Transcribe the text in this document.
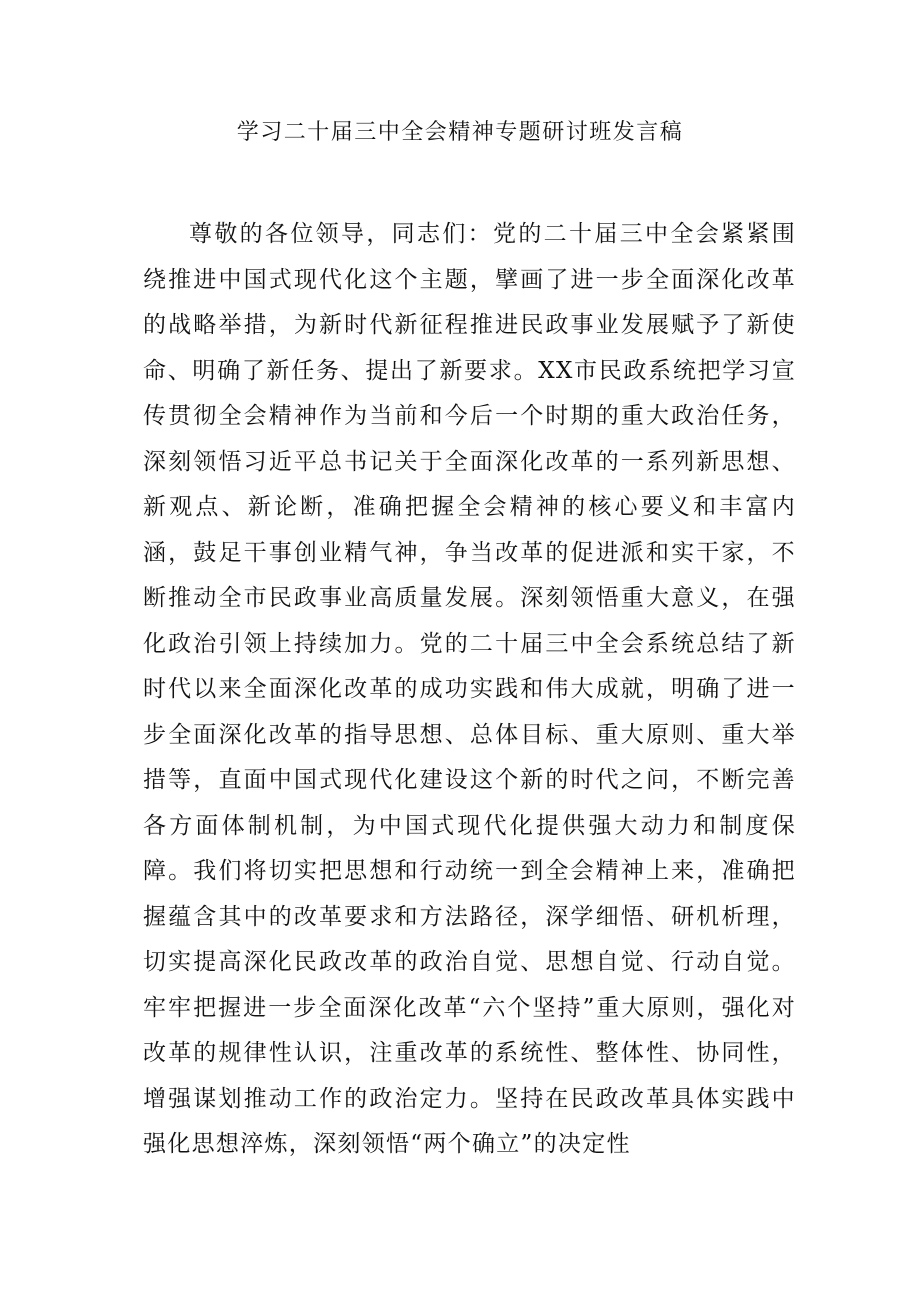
学习二十届三中全会精神专题研讨班发言稿

尊敬的各位领导，同志们：党的二十届三中全会紧紧围绕推进中国式现代化这个主题，擘画了进一步全面深化改革的战略举措，为新时代新征程推进民政事业发展赋予了新使命、明确了新任务、提出了新要求。XX市民政系统把学习宣传贯彻全会精神作为当前和今后一个时期的重大政治任务，深刻领悟习近平总书记关于全面深化改革的一系列新思想、新观点、新论断，准确把握全会精神的核心要义和丰富内涵，鼓足干事创业精气神，争当改革的促进派和实干家，不断推动全市民政事业高质量发展。深刻领悟重大意义，在强化政治引领上持续加力。党的二十届三中全会系统总结了新时代以来全面深化改革的成功实践和伟大成就，明确了进一步全面深化改革的指导思想、总体目标、重大原则、重大举措等，直面中国式现代化建设这个新的时代之问，不断完善各方面体制机制，为中国式现代化提供强大动力和制度保障。我们将切实把思想和行动统一到全会精神上来，准确把握蕴含其中的改革要求和方法路径，深学细悟、研机析理，切实提高深化民政改革的政治自觉、思想自觉、行动自觉。牢牢把握进一步全面深化改革“六个坚持”重大原则，强化对改革的规律性认识，注重改革的系统性、整体性、协同性，增强谋划推动工作的政治定力。坚持在民政改革具体实践中强化思想淬炼，深刻领悟“两个确立”的决定性
